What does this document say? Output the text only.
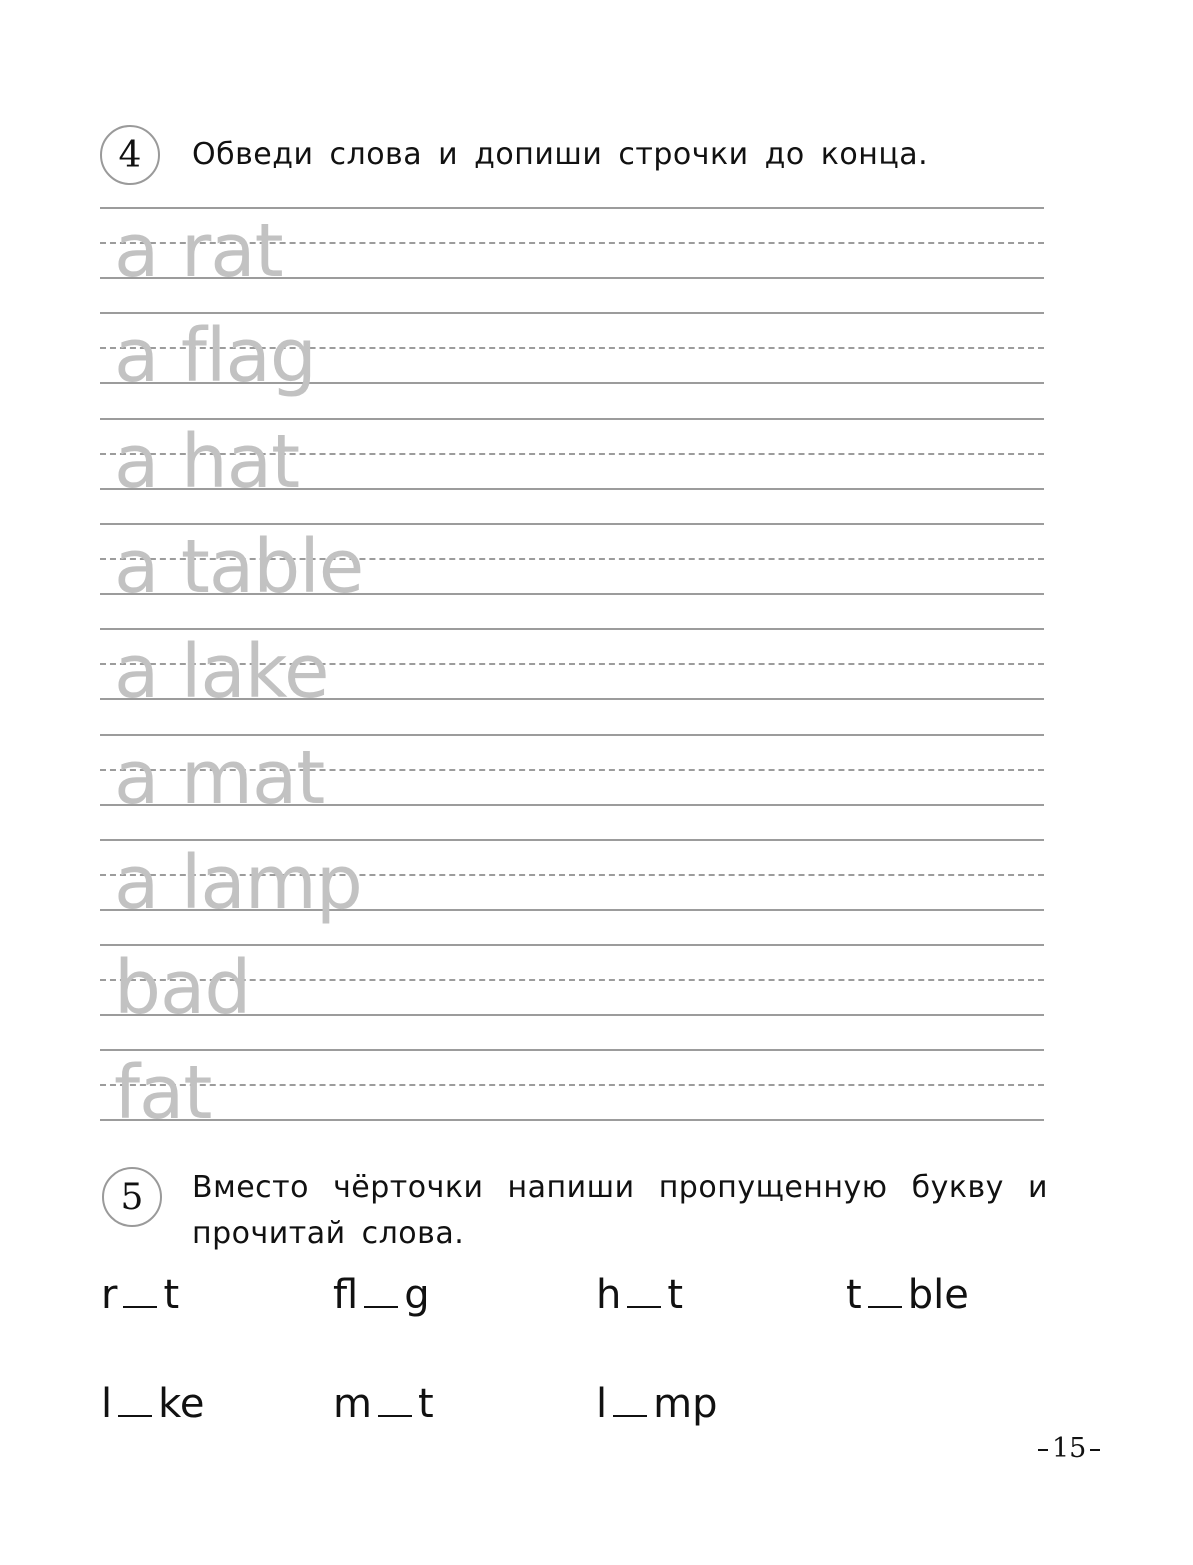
4 Обведи слова и допиши строчки до конца.
a rat
a flag
a hat
a table
a lake
a mat
a lamp
bad
fat
5 Вместо чёрточки напиши пропущенную букву и прочитай слова.
r t	fl g	h t	t ble
l ke	m t	l mp
15
